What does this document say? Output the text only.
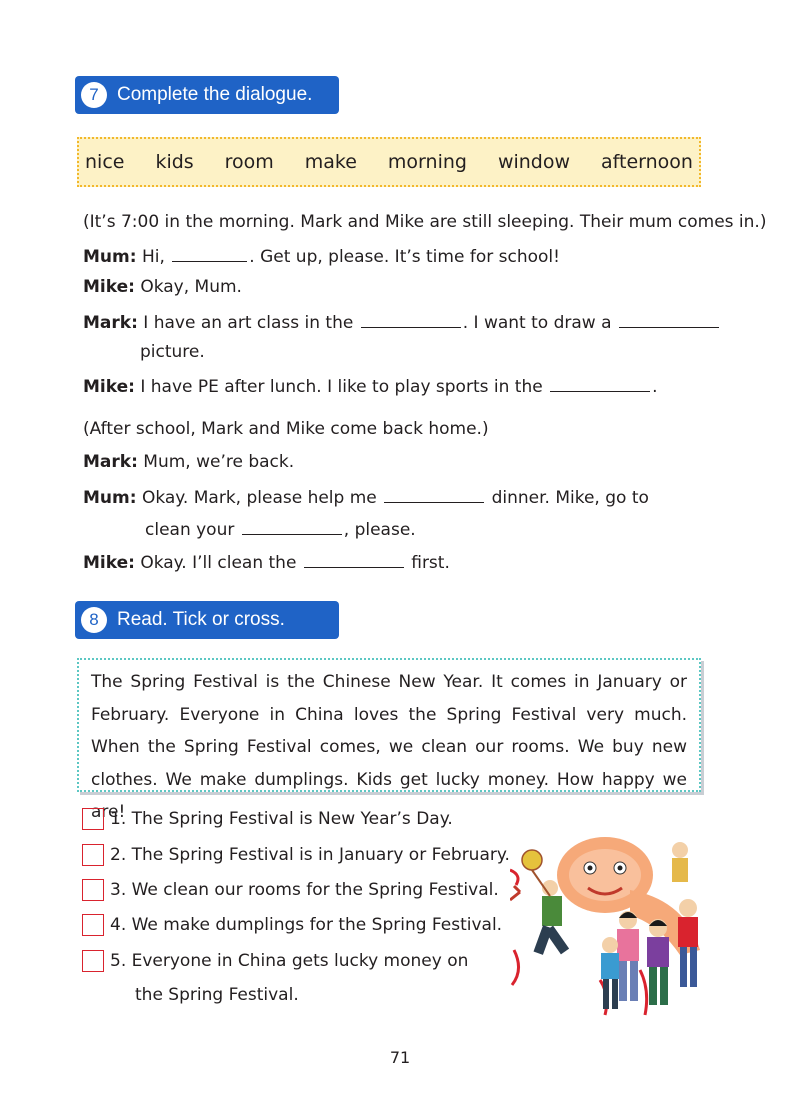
7 Complete the dialogue.
nice kids room make morning window afternoon
(It’s 7:00 in the morning. Mark and Mike are still sleeping. Their mum comes in.)
Mum: Hi,	. Get up, please. It’s time for school!
Mike: Okay, Mum.
Mark: I have an art class in the	. I want to draw a
picture.
Mike: I have PE after lunch. I like to play sports in the	.
(After school, Mark and Mike come back home.)
Mark: Mum, we’re back.
Mum: Okay. Mark, please help me	dinner. Mike, go to
clean your	, please.
Mike: Okay. I’ll clean the	first.
8 Read. Tick or cross.
The Spring Festival is the Chinese New Year. It comes in January or February. Everyone in China loves the Spring Festival very much. When the Spring Festival comes, we clean our rooms. We buy new clothes. We make dumplings. Kids get lucky money. How happy we are!
1. The Spring Festival is New Year’s Day.
2. The Spring Festival is in January or February.
3. We clean our rooms for the Spring Festival.
4. We make dumplings for the Spring Festival.
5. Everyone in China gets lucky money on
the Spring Festival.
71
